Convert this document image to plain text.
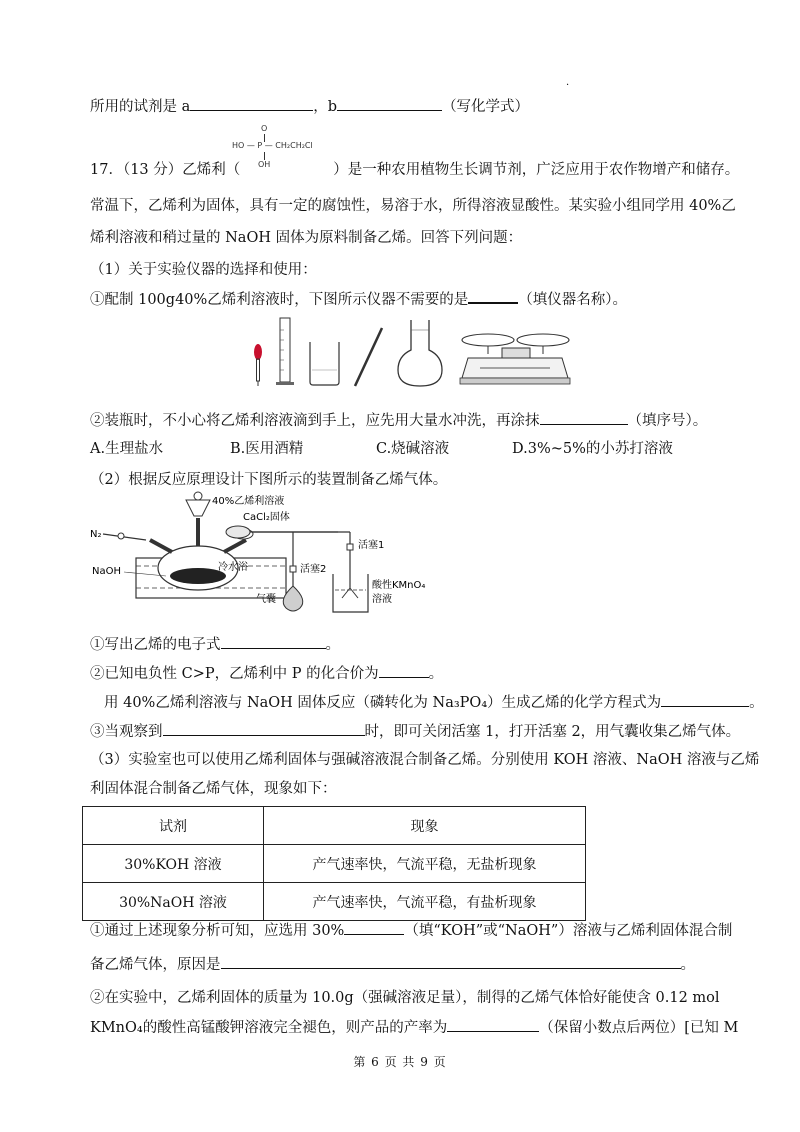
·
所用的试剂是 a	，b	（写化学式）
O
HO — P — CH₂CH₂Cl
OH
17．（13 分）乙烯利（	）是一种农用植物生长调节剂，广泛应用于农作物增产和储存。
常温下，乙烯利为固体，具有一定的腐蚀性，易溶于水，所得溶液显酸性。某实验小组同学用 40%乙
烯利溶液和稍过量的 NaOH 固体为原料制备乙烯。回答下列问题：
（1）关于实验仪器的选择和使用：
①配制 100g40%乙烯利溶液时，下图所示仪器不需要的是	（填仪器名称）。
②装瓶时，不小心将乙烯利溶液滴到手上，应先用大量水冲洗，再涂抹	（填序号）。
A.生理盐水	B.医用酒精	C.烧碱溶液	D.3%~5%的小苏打溶液
（2）根据反应原理设计下图所示的装置制备乙烯气体。
N₂
40%乙烯利溶液
CaCl₂固体
活塞1
活塞2
气囊
酸性KMnO₄
溶液
NaOH	冷水浴
①写出乙烯的电子式	。
②已知电负性 C>P，乙烯利中 P 的化合价为	。
用 40%乙烯利溶液与 NaOH 固体反应（磷转化为 Na₃PO₄）生成乙烯的化学方程式为	。
③当观察到	时，即可关闭活塞 1，打开活塞 2，用气囊收集乙烯气体。
（3）实验室也可以使用乙烯利固体与强碱溶液混合制备乙烯。分别使用 KOH 溶液、NaOH 溶液与乙烯
利固体混合制备乙烯气体，现象如下：
试剂	现象
30%KOH 溶液	产气速率快，气流平稳，无盐析现象
30%NaOH 溶液	产气速率快，气流平稳，有盐析现象
①通过上述现象分析可知，应选用 30%	（填“KOH”或“NaOH”）溶液与乙烯利固体混合制
备乙烯气体，原因是	。
②在实验中，乙烯利固体的质量为 10.0g（强碱溶液足量），制得的乙烯气体恰好能使含 0.12 mol
KMnO₄的酸性高锰酸钾溶液完全褪色，则产品的产率为	（保留小数点后两位）[已知 M
第 6 页 共 9 页
